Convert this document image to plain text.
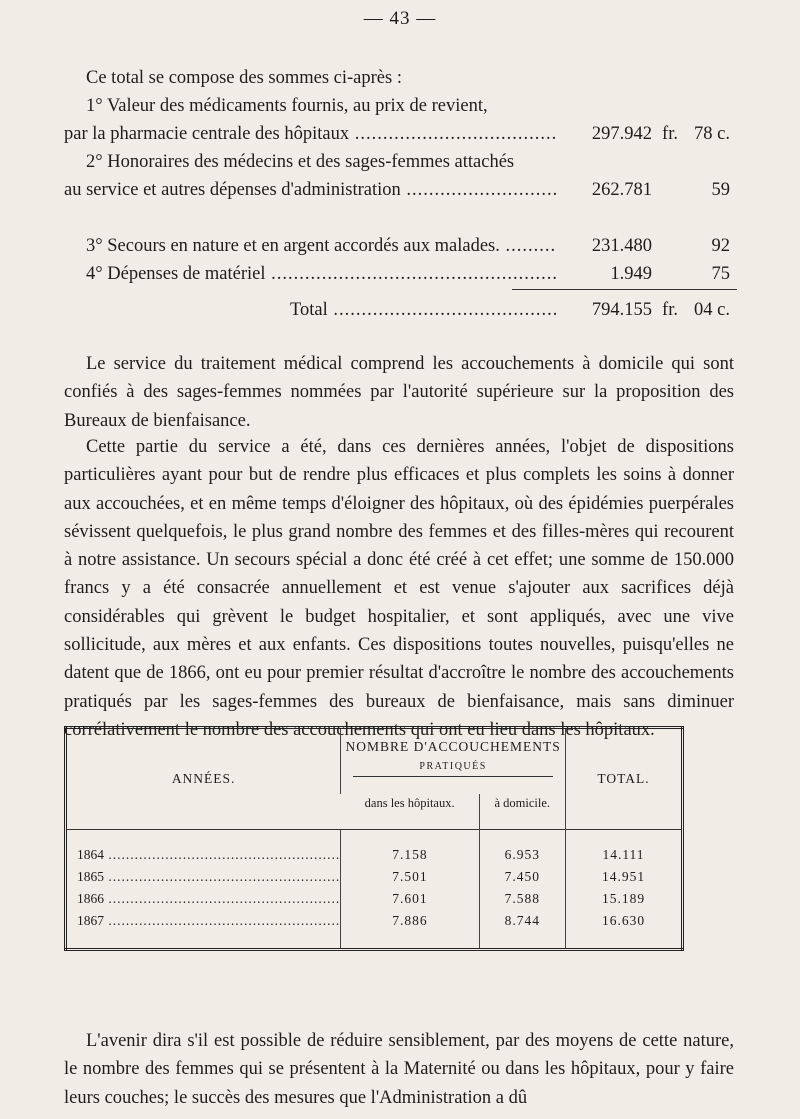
— 43 —
Ce total se compose des sommes ci-après :
1° Valeur des médicaments fournis, au prix de revient,
par la pharmacie centrale des hôpitaux .....	297.942 fr. 78 c.
2° Honoraires des médecins et des sages-femmes attachés
au service et autres dépenses d'administration .....	262.781	59
3° Secours en nature et en argent accordés aux malades. .....	231.480	92
4° Dépenses de matériel .....	1.949	75
Total .....	794.155 fr. 04 c.

Le service du traitement médical comprend les accouchements à domicile qui sont confiés à des sages-femmes nommées par l'autorité supérieure sur la proposition des Bureaux de bienfaisance.

Cette partie du service a été, dans ces dernières années, l'objet de dispositions particulières ayant pour but de rendre plus efficaces et plus complets les soins à donner aux accouchées, et en même temps d'éloigner des hôpitaux, où des épidémies puerpérales sévissent quelquefois, le plus grand nombre des femmes et des filles-mères qui recourent à notre assistance. Un secours spécial a donc été créé à cet effet; une somme de 150.000 francs y a été consacrée annuellement et est venue s'ajouter aux sacrifices déjà considérables qui grèvent le budget hospitalier, et sont appliqués, avec une vive sollicitude, aux mères et aux enfants. Ces dispositions toutes nouvelles, puisqu'elles ne datent que de 1866, ont eu pour premier résultat d'accroître le nombre des accouchements pratiqués par les sages-femmes des bureaux de bienfaisance, mais sans diminuer corrélativement le nombre des accouchements qui ont eu lieu dans les hôpitaux.

ANNÉES.	NOMBRE D'ACCOUCHEMENTS
PRATIQUÉS		TOTAL.
	dans les hôpitaux.	à domicile.	
1864 .....	7.158	6.953	14.111
1865 .....	7.501	7.450	14.951
1866 .....	7.601	7.588	15.189
1867 .....	7.886	8.744	16.630

L'avenir dira s'il est possible de réduire sensiblement, par des moyens de cette nature, le nombre des femmes qui se présentent à la Maternité ou dans les hôpitaux, pour y faire leurs couches; le succès des mesures que l'Administration a dû
